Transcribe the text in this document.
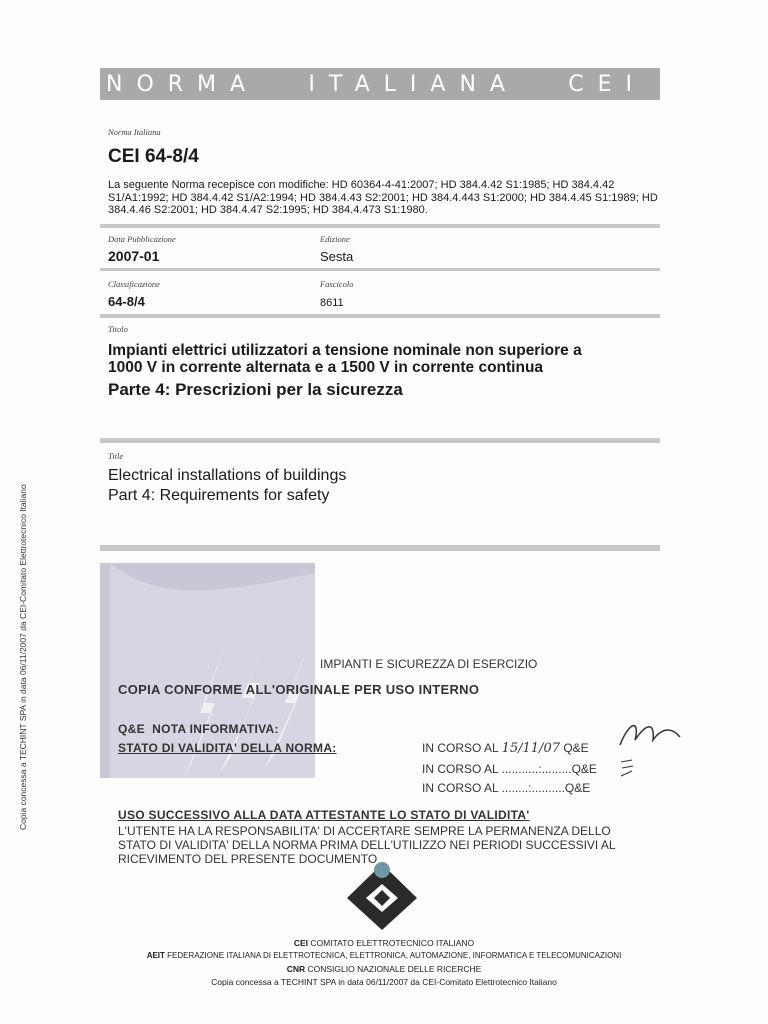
NORMA ITALIANA CEI
Norma Italiana
CEI 64-8/4
La seguente Norma recepisce con modifiche: HD 60364-4-41:2007; HD 384.4.42 S1:1985; HD 384.4.42 S1/A1:1992; HD 384.4.42 S1/A2:1994; HD 384.4.43 S2:2001; HD 384.4.443 S1:2000; HD 384.4.45 S1:1989; HD 384.4.46 S2:2001; HD 384.4.47 S2:1995; HD 384.4.473 S1:1980.
Data Pubblicazione
2007-01
Edizione
Sesta
Classificazione
64-8/4
Fascicolo
8611
Titolo
Impianti elettrici utilizzatori a tensione nominale non superiore a
1000 V in corrente alternata e a 1500 V in corrente continua
Parte 4: Prescrizioni per la sicurezza
Title
Electrical installations of buildings
Part 4: Requirements for safety
IMPIANTI E SICUREZZA DI ESERCIZIO
COPIA CONFORME ALL'ORIGINALE PER USO INTERNO
Q&E  NOTA INFORMATIVA:
STATO DI VALIDITA' DELLA NORMA:	IN CORSO AL 15/11/07 Q&E
IN CORSO AL ...........:.........Q&E
IN CORSO AL ........:..........Q&E
USO SUCCESSIVO ALLA DATA ATTESTANTE LO STATO DI VALIDITA'
L'UTENTE HA LA RESPONSABILITA' DI ACCERTARE SEMPRE LA PERMANENZA DELLO
STATO DI VALIDITA' DELLA NORMA PRIMA DELL'UTILIZZO NEI PERIODI SUCCESSIVI AL
RICEVIMENTO DEL PRESENTE DOCUMENTO
CEI COMITATO ELETTROTECNICO ITALIANO
AEIT FEDERAZIONE ITALIANA DI ELETTROTECNICA, ELETTRONICA, AUTOMAZIONE, INFORMATICA E TELECOMUNICAZIONI
CNR CONSIGLIO NAZIONALE DELLE RICERCHE
Copia concessa a TECHINT SPA in data 06/11/2007 da CEI-Comitato Elettrotecnico Italiano
Copia concessa a TECHINT SPA in data 06/11/2007 da CEI-Comitato Elettrotecnico Italiano
